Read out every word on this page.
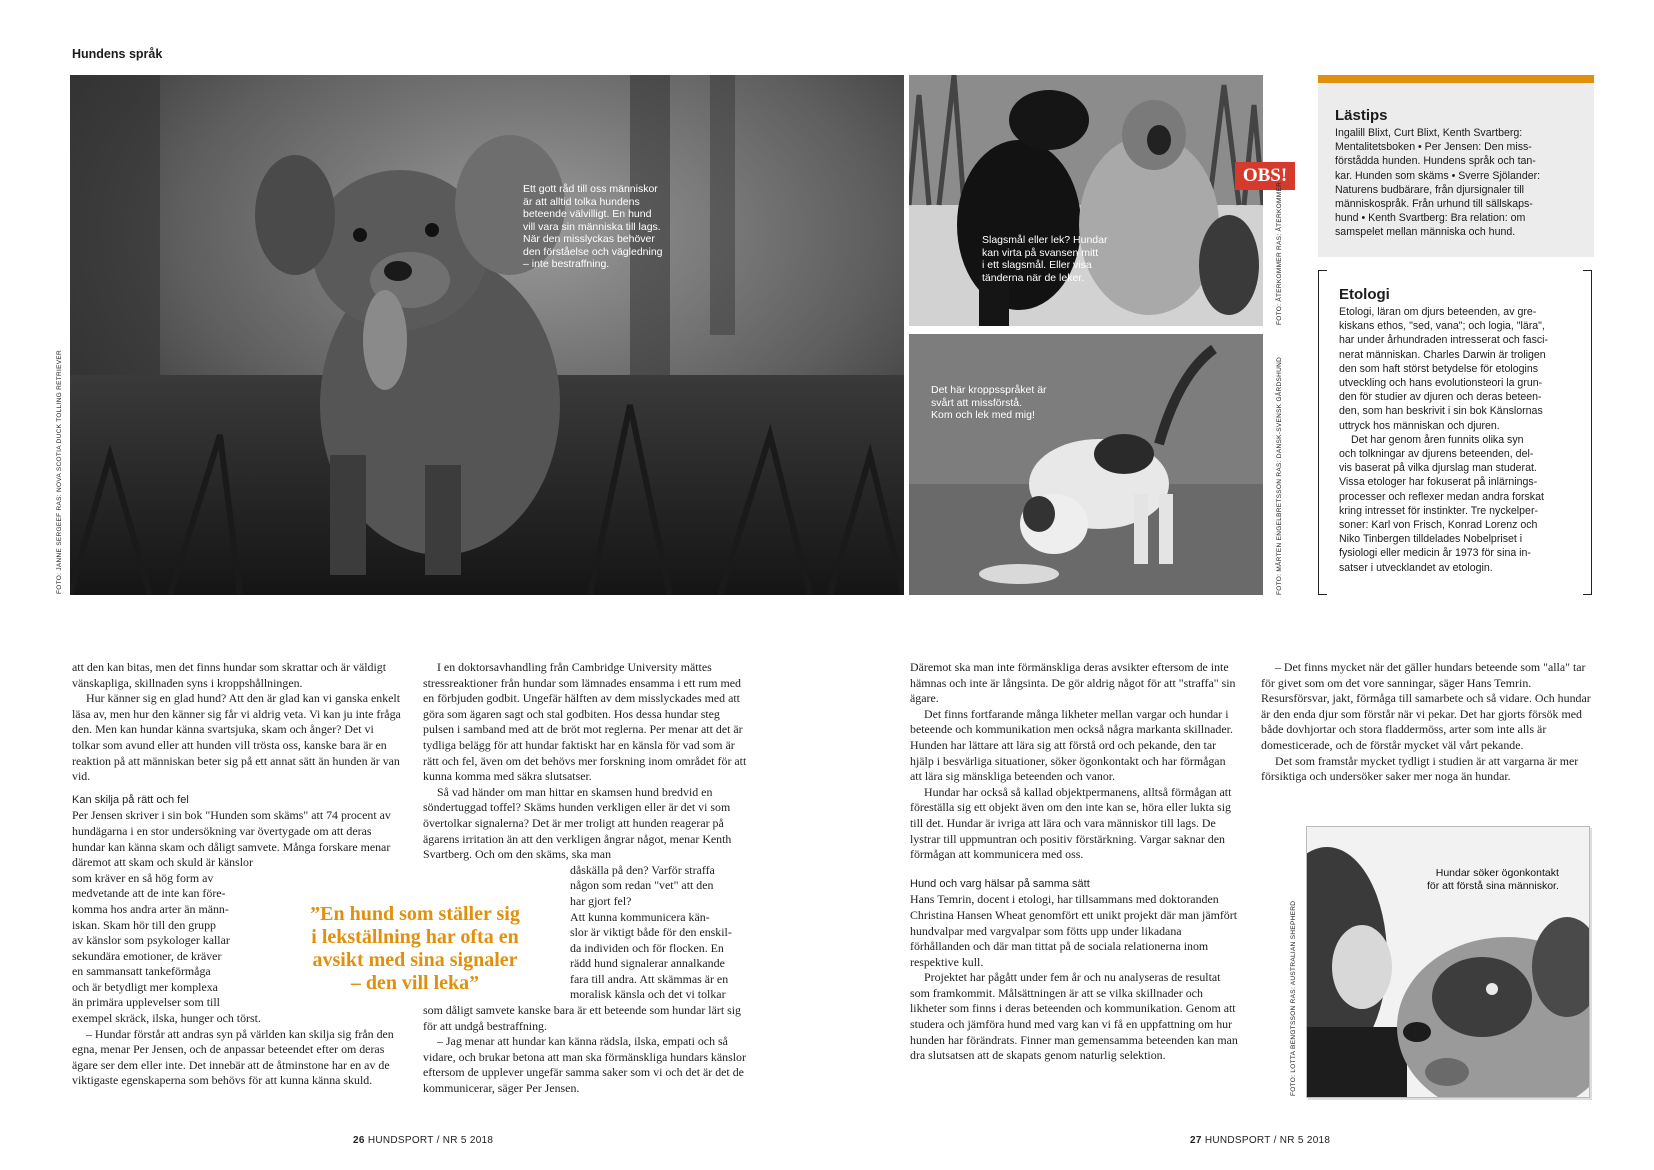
Hundens språk
Ett gott råd till oss människor
är att alltid tolka hundens
beteende välvilligt. En hund
vill vara sin människa till lags.
När den misslyckas behöver
den förståelse och vägledning
– inte bestraffning.
FOTO: JANNE SERGEEF RAS: NOVA SCOTIA DUCK TOLLING RETRIEVER
Slagsmål eller lek? Hundar
kan virta på svansen mitt
i ett slagsmål. Eller visa
tänderna när de leker.
OBS!
FOTO: ÅTERKOMMER RAS: ÅTERKOMMER
Det här kroppsspråket är
svårt att missförstå.
Kom och lek med mig!	FOTO: MÅRTEN ENGELBRETSSON RAS: DANSK-SVENSK GÅRDSHUND
Lästips
Ingalill Blixt, Curt Blixt, Kenth Svartberg:
Mentalitetsboken • Per Jensen: Den miss-
förstådda hunden. Hundens språk och tan-
kar. Hunden som skäms • Sverre Sjölander:
Naturens budbärare, från djursignaler till
människospråk. Från urhund till sällskaps-
hund • Kenth Svartberg: Bra relation: om
samspelet mellan människa och hund.
Etologi
Etologi, läran om djurs beteenden, av gre-
kiskans ethos, "sed, vana"; och logia, "lära",
har under århundraden intresserat och fasci-
nerat människan. Charles Darwin är troligen
den som haft störst betydelse för etologins
utveckling och hans evolutionsteori la grun-
den för studier av djuren och deras beteen-
den, som han beskrivit i sin bok Känslornas
uttryck hos människan och djuren.
Det har genom åren funnits olika syn
och tolkningar av djurens beteenden, del-
vis baserat på vilka djurslag man studerat.
Vissa etologer har fokuserat på inlärnings-
processer och reflexer medan andra forskat
kring intresset för instinkter. Tre nyckelper-
soner: Karl von Frisch, Konrad Lorenz och
Niko Tinbergen tilldelades Nobelpriset i
fysiologi eller medicin år 1973 för sina in-
satser i utvecklandet av etologin.

att den kan bitas, men det finns hundar som skrattar och är väldigt vänskapliga, skillnaden syns i kroppshållningen.

Hur känner sig en glad hund? Att den är glad kan vi ganska enkelt läsa av, men hur den känner sig får vi aldrig veta. Vi kan ju inte fråga den. Men kan hundar känna svartsjuka, skam och ånger? Det vi tolkar som avund eller att hunden vill trösta oss, kanske bara är en reaktion på att människan beter sig på ett annat sätt än hunden är van vid.

Kan skilja på rätt och fel

Per Jensen skriver i sin bok "Hunden som skäms" att 74 procent av hundägarna i en stor undersökning var övertygade om att deras hundar kan känna skam och dåligt samvete. Många forskare menar däremot att skam och skuld är känslor

som kräver en så hög form av
medvetande att de inte kan före-
komma hos andra arter än männ-
iskan. Skam hör till den grupp
av känslor som psykologer kallar
sekundära emotioner, de kräver
en sammansatt tankeförmåga
och är betydligt mer komplexa
än primära upplevelser som till
exempel skräck, ilska, hunger och törst.

– Hundar förstår att andras syn på världen kan skilja sig från den egna, menar Per Jensen, och de anpassar beteendet efter om deras ägare ser dem eller inte. Det innebär att de åtminstone har en av de viktigaste egenskaperna som behövs för att kunna känna skuld.

”En hund som ställer sig
i lekställning har ofta en
avsikt med sina signaler
– den vill leka”

I en doktorsavhandling från Cambridge University mättes stressreaktioner från hundar som lämnades ensamma i ett rum med en förbjuden godbit. Ungefär hälften av dem misslyckades med att göra som ägaren sagt och stal godbiten. Hos dessa hundar steg pulsen i samband med att de bröt mot reglerna. Per menar att det är tydliga belägg för att hundar faktiskt har en känsla för vad som är rätt och fel, även om det behövs mer forskning inom området för att kunna komma med säkra slutsatser.

Så vad händer om man hittar en skamsen hund bredvid en söndertuggad toffel? Skäms hunden verkligen eller är det vi som övertolkar signalerna? Det är mer troligt att hunden reagerar på ägarens irritation än att den verkligen ångrar något, menar Kenth Svartberg. Och om den skäms, ska man

dåskälla på den? Varför straffa
någon som redan "vet" att den
har gjort fel?

Att kunna kommunicera kän-
slor är viktigt både för den enskil-
da individen och för flocken. En
rädd hund signalerar annalkande
fara till andra. Att skämmas är en
moralisk känsla och det vi tolkar

som dåligt samvete kanske bara är ett beteende som hundar lärt sig för att undgå bestraffning.

– Jag menar att hundar kan känna rädsla, ilska, empati och så vidare, och brukar betona att man ska förmänskliga hundars känslor eftersom de upplever ungefär samma saker som vi och det är det de kommunicerar, säger Per Jensen.

Däremot ska man inte förmänskliga deras avsikter eftersom de inte hämnas och inte är långsinta. De gör aldrig något för att "straffa" sin ägare.

Det finns fortfarande många likheter mellan vargar och hundar i beteende och kommunikation men också några markanta skillnader. Hunden har lättare att lära sig att förstå ord och pekande, den tar hjälp i besvärliga situationer, söker ögonkontakt och har förmågan att lära sig mänskliga beteenden och vanor.

Hundar har också så kallad objektpermanens, alltså förmågan att föreställa sig ett objekt även om den inte kan se, höra eller lukta sig till det. Hundar är ivriga att lära och vara människor till lags. De lystrar till uppmuntran och positiv förstärkning. Vargar saknar den förmågan att kommunicera med oss.

Hund och varg hälsar på samma sätt

Hans Temrin, docent i etologi, har tillsammans med doktoranden Christina Hansen Wheat genomfört ett unikt projekt där man jämfört hundvalpar med vargvalpar som fötts upp under likadana förhållanden och där man tittat på de sociala relationerna inom respektive kull.

Projektet har pågått under fem år och nu analyseras de resultat som framkommit. Målsättningen är att se vilka skillnader och likheter som finns i deras beteenden och kommunikation. Genom att studera och jämföra hund med varg kan vi få en uppfattning om hur hunden har förändrats. Finner man gemensamma beteenden kan man dra slutsatsen att de skapats genom naturlig selektion.

– Det finns mycket när det gäller hundars beteende som "alla" tar för givet som om det vore sanningar, säger Hans Temrin. Resursförsvar, jakt, förmåga till samarbete och så vidare. Och hundar är den enda djur som förstår när vi pekar. Det har gjorts försök med både dovhjortar och stora fladdermöss, arter som inte alls är domesticerade, och de förstår mycket väl vårt pekande.

Det som framstår mycket tydligt i studien är att vargarna är mer försiktiga och undersöker saker mer noga än hundar.

Hundar söker ögonkontakt
för att förstå sina människor.
FOTO: LOTTA BENGTSSON RAS: AUSTRALIAN SHEPHERD
26 HUNDSPORT / NR 5 2018	27 HUNDSPORT / NR 5 2018
